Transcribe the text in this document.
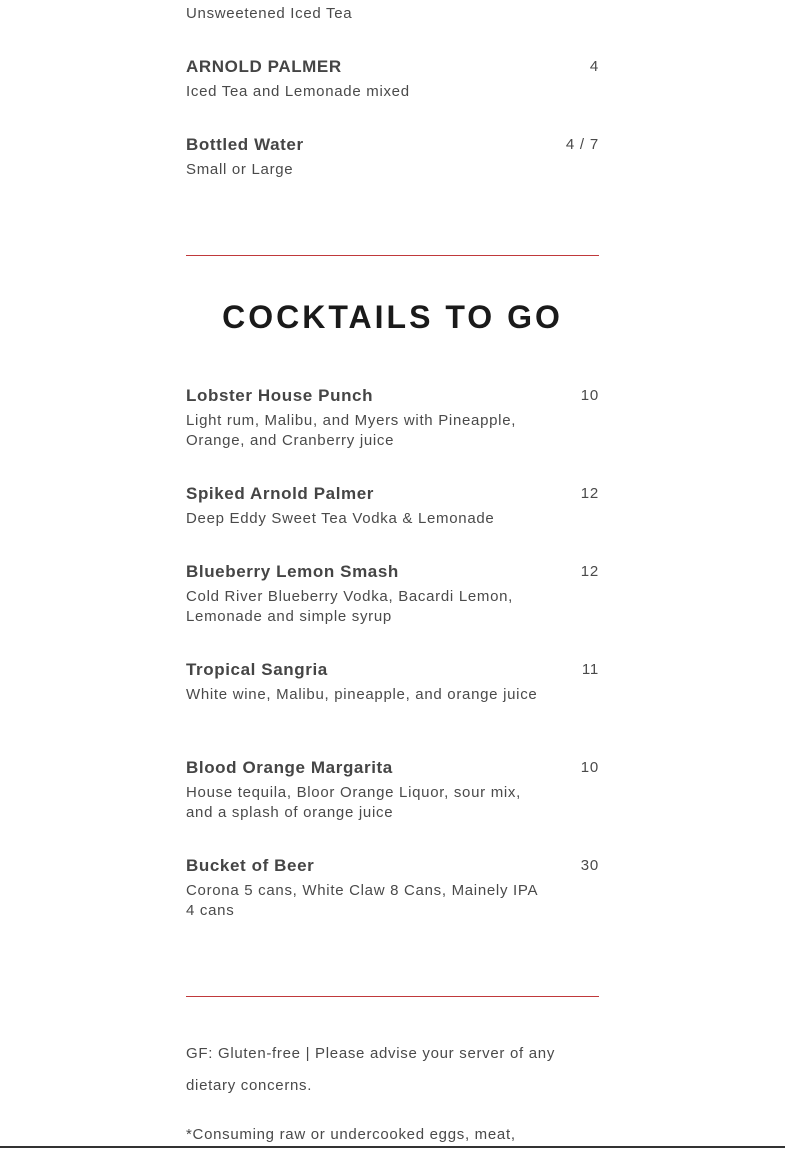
Unsweetened Iced Tea
ARNOLD PALMER	4
Iced Tea and Lemonade mixed
Bottled Water	4 / 7
Small or Large
Lobster House Punch	10
Light rum, Malibu, and Myers with Pineapple, Orange, and Cranberry juice
Spiked Arnold Palmer	12
Deep Eddy Sweet Tea Vodka & Lemonade
Blueberry Lemon Smash	12
Cold River Blueberry Vodka, Bacardi Lemon, Lemonade and simple syrup
Tropical Sangria	11
White wine, Malibu, pineapple, and orange juice
Blood Orange Margarita	10
House tequila, Bloor Orange Liquor, sour mix, and a splash of orange juice
Bucket of Beer	30
Corona 5 cans, White Claw 8 Cans, Mainely IPA 4 cans
COCKTAILS TO GO
GF: Gluten-free | Please advise your server of any dietary concerns.
*Consuming raw or undercooked eggs, meat,
